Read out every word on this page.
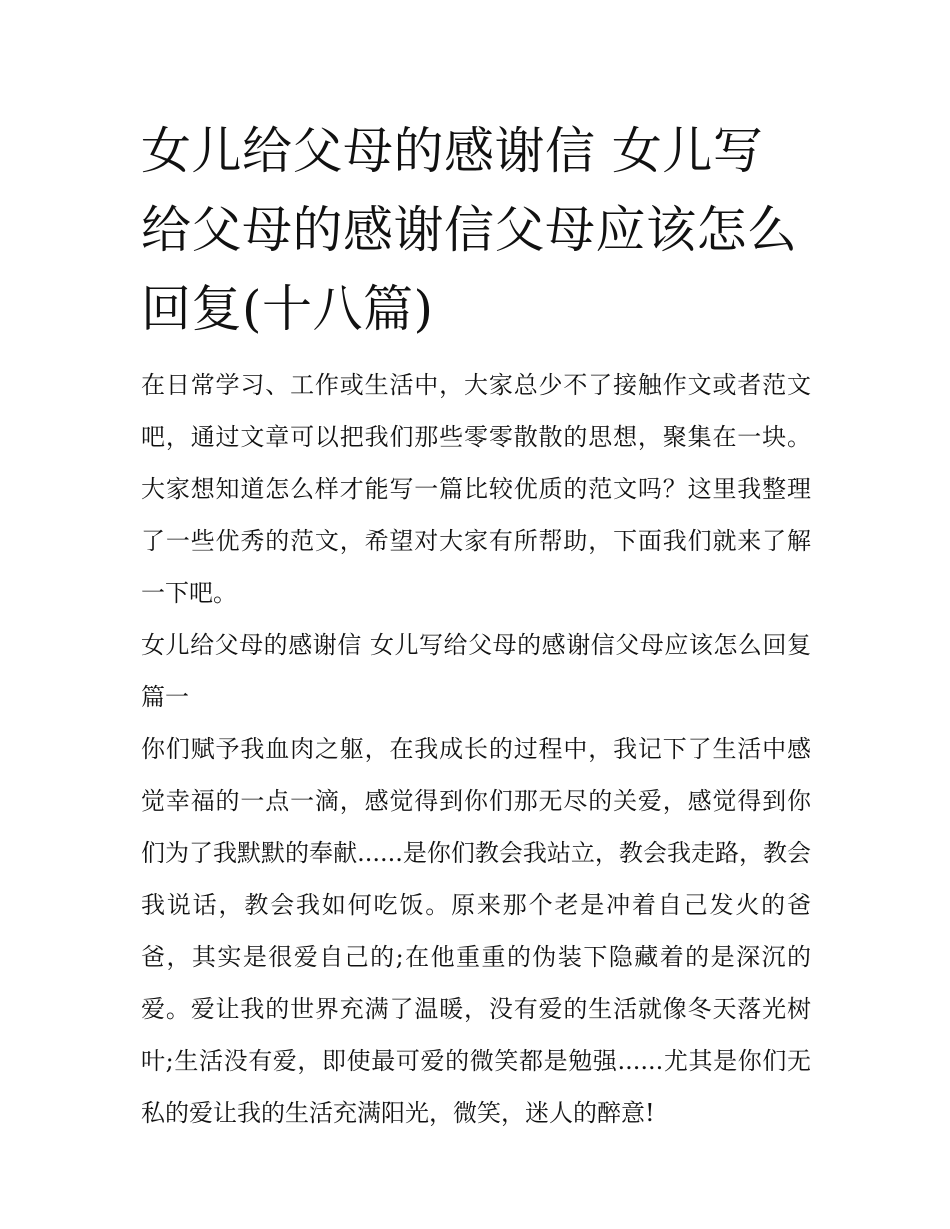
女儿给父母的感谢信 女儿写给父母的感谢信父母应该怎么回复(十八篇)

在日常学习、工作或生活中，大家总少不了接触作文或者范文吧，通过文章可以把我们那些零零散散的思想，聚集在一块。大家想知道怎么样才能写一篇比较优质的范文吗？这里我整理了一些优秀的范文，希望对大家有所帮助，下面我们就来了解一下吧。

女儿给父母的感谢信 女儿写给父母的感谢信父母应该怎么回复篇一

你们赋予我血肉之躯，在我成长的过程中，我记下了生活中感觉幸福的一点一滴，感觉得到你们那无尽的关爱，感觉得到你们为了我默默的奉献......是你们教会我站立，教会我走路，教会我说话，教会我如何吃饭。原来那个老是冲着自己发火的爸爸，其实是很爱自己的;在他重重的伪装下隐藏着的是深沉的爱。爱让我的世界充满了温暖，没有爱的生活就像冬天落光树叶;生活没有爱，即使最可爱的微笑都是勉强......尤其是你们无私的爱让我的生活充满阳光，微笑，迷人的醉意!
